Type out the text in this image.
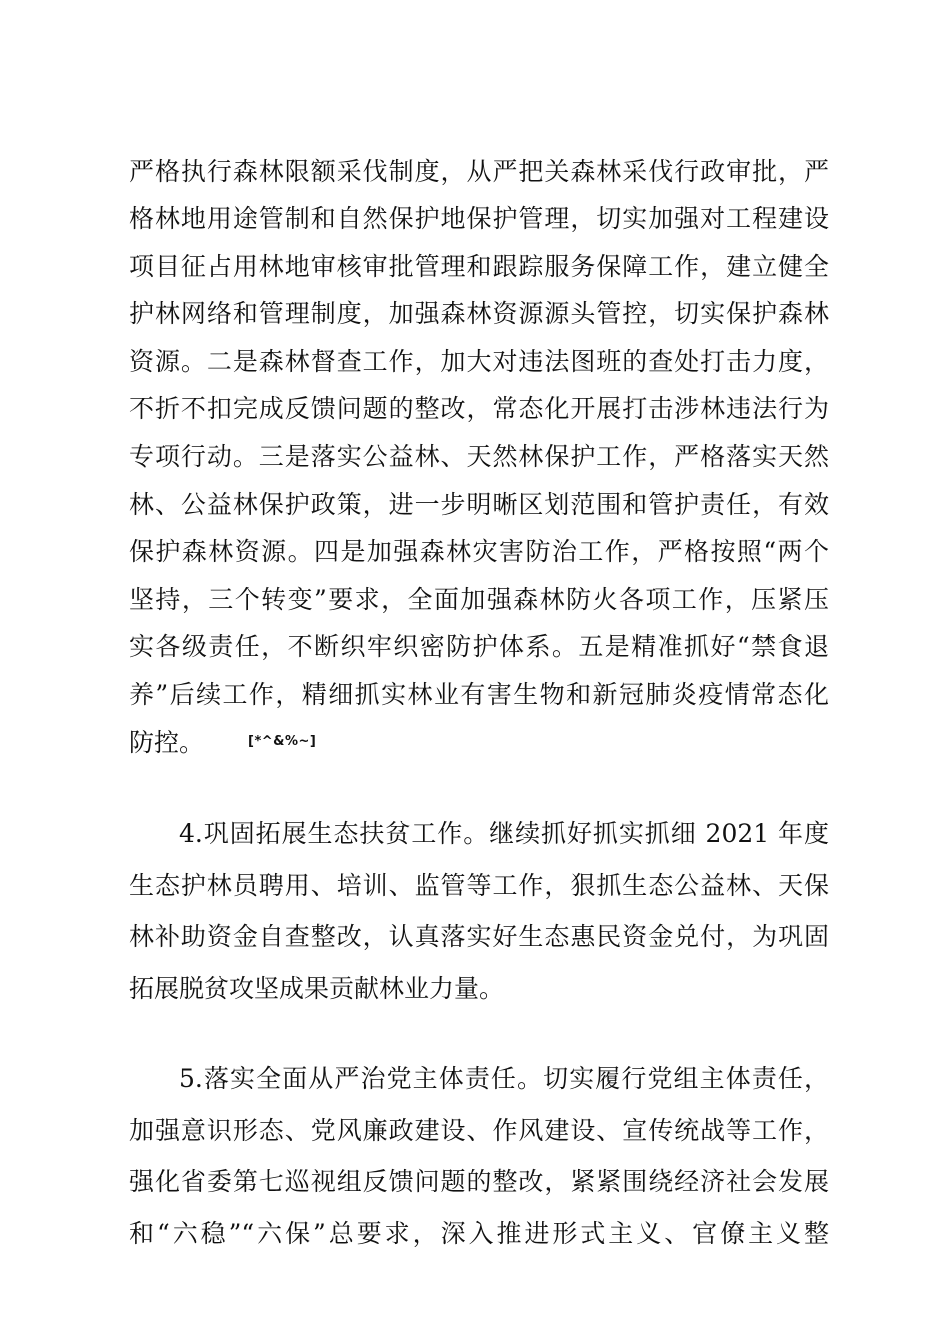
严格执行森林限额采伐制度，从严把关森林采伐行政审批，严
格林地用途管制和自然保护地保护管理，切实加强对工程建设
项目征占用林地审核审批管理和跟踪服务保障工作，建立健全
护林网络和管理制度，加强森林资源源头管控，切实保护森林
资源。二是森林督查工作，加大对违法图班的查处打击力度，
不折不扣完成反馈问题的整改，常态化开展打击涉林违法行为
专项行动。三是落实公益林、天然林保护工作，严格落实天然
林、公益林保护政策，进一步明晰区划范围和管护责任，有效
保护森林资源。四是加强森林灾害防治工作，严格按照“两个
坚持，三个转变”要求，全面加强森林防火各项工作，压紧压
实各级责任，不断织牢织密防护体系。五是精准抓好“禁食退
养”后续工作，精细抓实林业有害生物和新冠肺炎疫情常态化
防控。	[*^&%~]
4.巩固拓展生态扶贫工作。继续抓好抓实抓细 2021 年度
生态护林员聘用、培训、监管等工作，狠抓生态公益林、天保
林补助资金自查整改，认真落实好生态惠民资金兑付，为巩固
拓展脱贫攻坚成果贡献林业力量。
5.落实全面从严治党主体责任。切实履行党组主体责任，
加强意识形态、党风廉政建设、作风建设、宣传统战等工作，
强化省委第七巡视组反馈问题的整改，紧紧围绕经济社会发展
和“六稳”“六保”总要求，深入推进形式主义、官僚主义整
